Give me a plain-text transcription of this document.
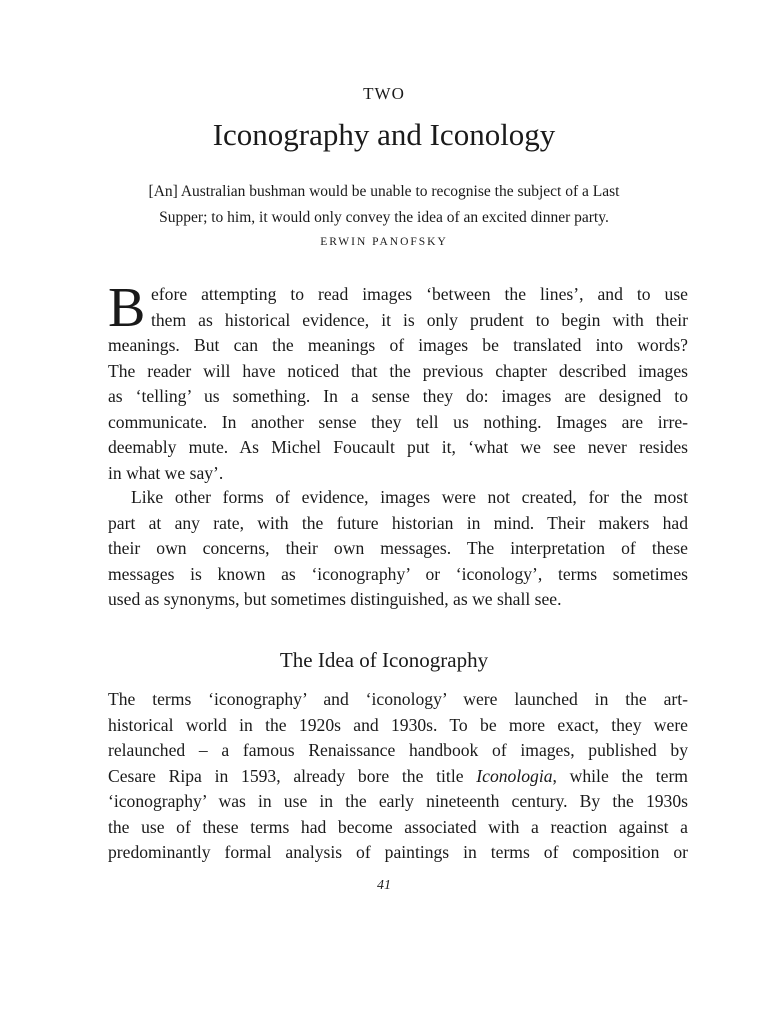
TWO
Iconography and Iconology
[An] Australian bushman would be unable to recognise the subject of a Last
Supper; to him, it would only convey the idea of an excited dinner party.
ERWIN PANOFSKY
B efore attempting to read images ‘between the lines’, and to use
them as historical evidence, it is only prudent to begin with their
meanings. But can the meanings of images be translated into words?
The reader will have noticed that the previous chapter described images
as ‘telling’ us something. In a sense they do: images are designed to
communicate. In another sense they tell us nothing. Images are irre-
deemably mute. As Michel Foucault put it, ‘what we see never resides
in what we say’.
Like other forms of evidence, images were not created, for the most
part at any rate, with the future historian in mind. Their makers had
their own concerns, their own messages. The interpretation of these
messages is known as ‘iconography’ or ‘iconology’, terms sometimes
used as synonyms, but sometimes distinguished, as we shall see.
The Idea of Iconography
The terms ‘iconography’ and ‘iconology’ were launched in the art-
historical world in the 1920s and 1930s. To be more exact, they were
relaunched – a famous Renaissance handbook of images, published by
Cesare Ripa in 1593, already bore the title Iconologia, while the term
‘iconography’ was in use in the early nineteenth century. By the 1930s
the use of these terms had become associated with a reaction against a
predominantly formal analysis of paintings in terms of composition or
41
